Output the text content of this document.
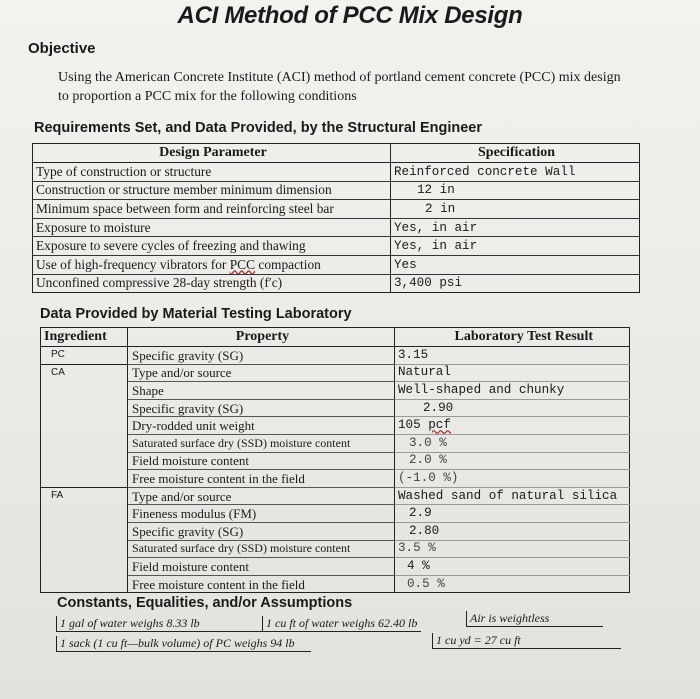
ACI Method of PCC Mix Design
Objective
Using the American Concrete Institute (ACI) method of portland cement concrete (PCC) mix design
to proportion a PCC mix for the following conditions
Requirements Set, and Data Provided, by the Structural Engineer
Design Parameter	Specification
Type of construction or structure	Reinforced concrete Wall
Construction or structure member minimum dimension	12 in
Minimum space between form and reinforcing steel bar	2 in
Exposure to moisture	Yes, in air
Exposure to severe cycles of freezing and thawing	Yes, in air
Use of high-frequency vibrators for PCC compaction	Yes
Unconfined compressive 28-day strength (f′c)	3,400 psi
Data Provided by Material Testing Laboratory
Ingredient	Property	Laboratory Test Result
PC	Specific gravity (SG)	3.15
CA	Type and/or source	Natural
	Shape	Well-shaped and chunky
	Specific gravity (SG)	2.90
	Dry-rodded unit weight	105 pcf
	Saturated surface dry (SSD) moisture content	3.0 %
	Field moisture content	2.0 %
	Free moisture content in the field	(-1.0 %)
FA	Type and/or source	Washed sand of natural silica
	Fineness modulus (FM)	2.9
	Specific gravity (SG)	2.80
	Saturated surface dry (SSD) moisture content	3.5 %
	Field moisture content	4 %
	Free moisture content in the field	0.5 %
Constants, Equalities, and/or Assumptions
1 gal of water weighs 8.33 lb	1 cu ft of water weighs 62.40 lb	Air is weightless
1 sack (1 cu ft—bulk volume) of PC weighs 94 lb	1 cu yd = 27 cu ft
